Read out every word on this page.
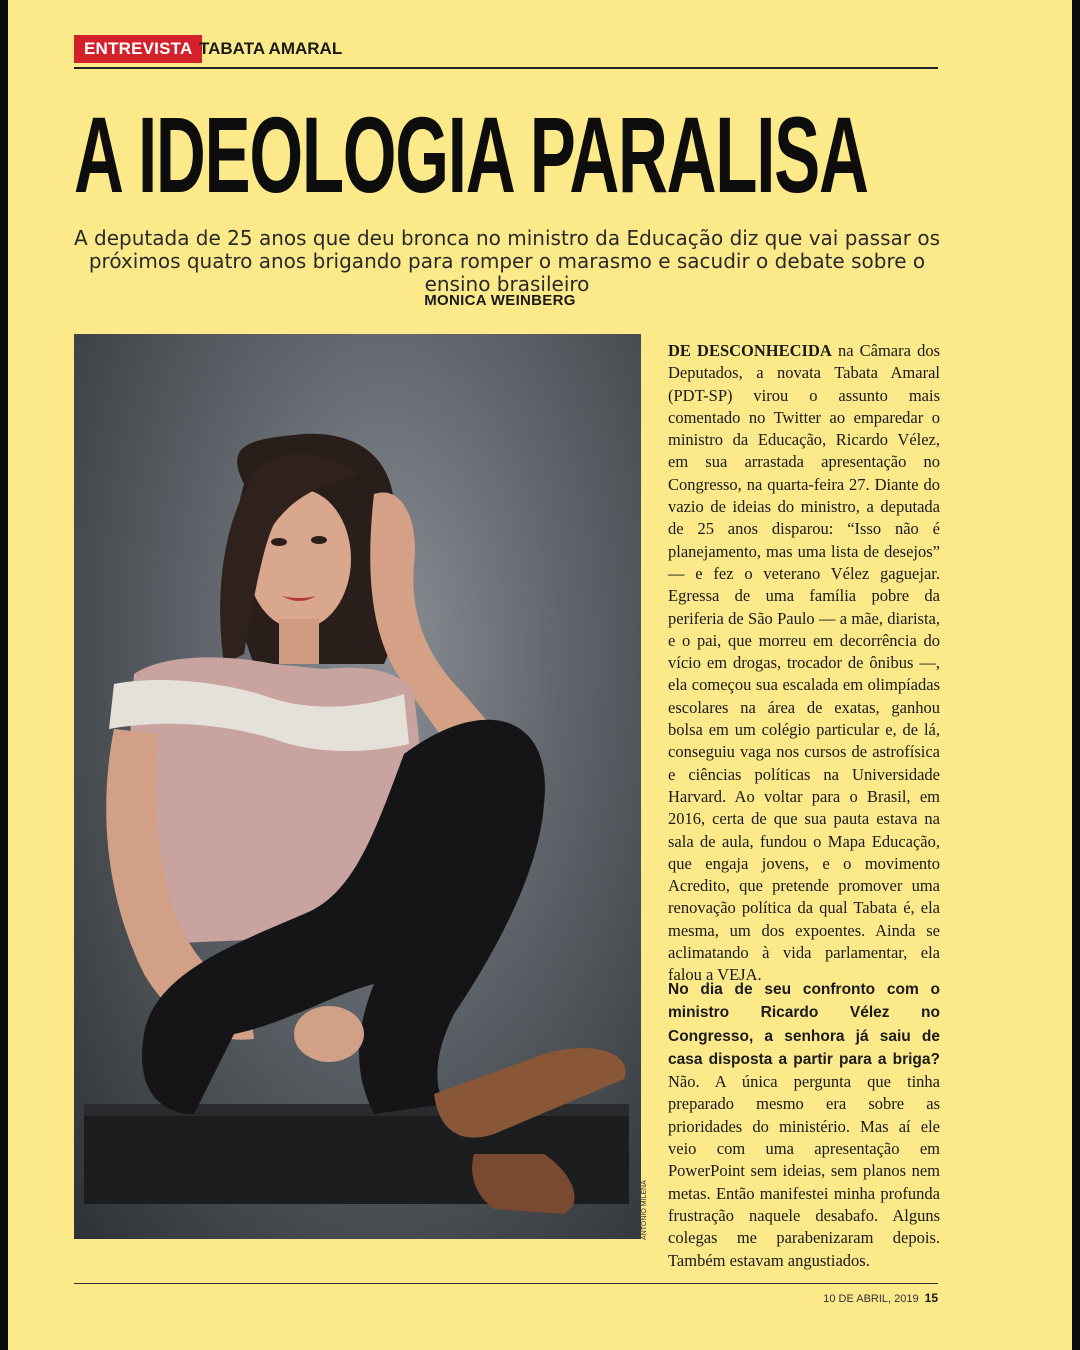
ENTREVISTA TABATA AMARAL
A IDEOLOGIA PARALISA

A deputada de 25 anos que deu bronca no ministro da Educação diz que vai passar os próximos quatro anos brigando para romper o marasmo e sacudir o debate sobre o ensino brasileiro

MONICA WEINBERG
ANTONIO MILENA

DE DESCONHECIDA na Câmara dos Deputados, a novata Tabata Amaral (PDT-SP) virou o assunto mais comentado no Twitter ao emparedar o ministro da Educação, Ricardo Vélez, em sua arrastada apresentação no Congresso, na quarta-feira 27. Diante do vazio de ideias do ministro, a deputada de 25 anos disparou: “Isso não é planejamento, mas uma lista de desejos” — e fez o veterano Vélez gaguejar. Egressa de uma família pobre da periferia de São Paulo — a mãe, diarista, e o pai, que morreu em decorrência do vício em drogas, trocador de ônibus —, ela começou sua escalada em olimpíadas escolares na área de exatas, ganhou bolsa em um colégio particular e, de lá, conseguiu vaga nos cursos de astrofísica e ciências políticas na Universidade Harvard. Ao voltar para o Brasil, em 2016, certa de que sua pauta estava na sala de aula, fundou o Mapa Educação, que engaja jovens, e o movimento Acredito, que pretende promover uma renovação política da qual Tabata é, ela mesma, um dos expoentes. Ainda se aclimatando à vida parlamentar, ela falou a VEJA.

No dia de seu confronto com o ministro Ricardo Vélez no Congresso, a senhora já saiu de casa disposta a partir para a briga? Não. A única pergunta que tinha preparado mesmo era sobre as prioridades do ministério. Mas aí ele veio com uma apresentação em PowerPoint sem ideias, sem planos nem metas. Então manifestei minha profunda frustração naquele desabafo. Alguns colegas me parabenizaram depois. Também estavam angustiados.

10 DE ABRIL, 2019 15
